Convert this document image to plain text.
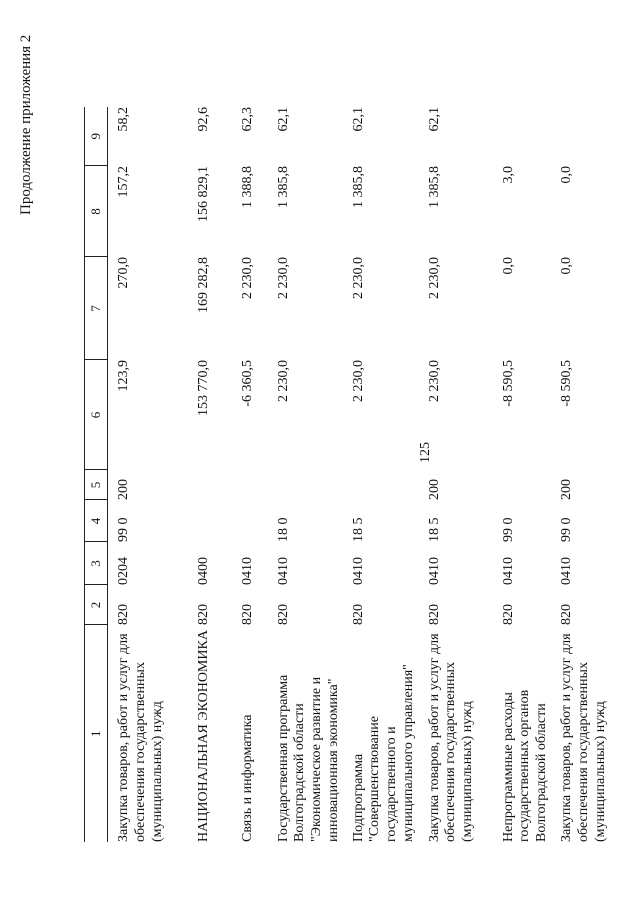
125
Продолжение приложения 2
1	2	3	4	5	6	7	8	9
Закупка товаров, работ и услуг для обеспечения государственных (муниципальных) нужд	820	0204	99 0	200	123,9	270,0	157,2	58,2
НАЦИОНАЛЬНАЯ ЭКОНОМИКА	820	0400			153 770,0	169 282,8	156 829,1	92,6
Связь и информатика	820	0410			-6 360,5	2 230,0	1 388,8	62,3
Государственная программа Волгоградской области "Экономическое развитие и инновационная экономика"	820	0410	18 0		2 230,0	2 230,0	1 385,8	62,1
Подпрограмма "Совершенствование государственного и муниципального управления"	820	0410	18 5		2 230,0	2 230,0	1 385,8	62,1
Закупка товаров, работ и услуг для обеспечения государственных (муниципальных) нужд	820	0410	18 5	200	2 230,0	2 230,0	1 385,8	62,1
Непрограммные расходы государственных органов Волгоградской области	820	0410	99 0		-8 590,5	0,0	3,0	
Закупка товаров, работ и услуг для обеспечения государственных (муниципальных) нужд	820	0410	99 0	200	-8 590,5	0,0	0,0	
